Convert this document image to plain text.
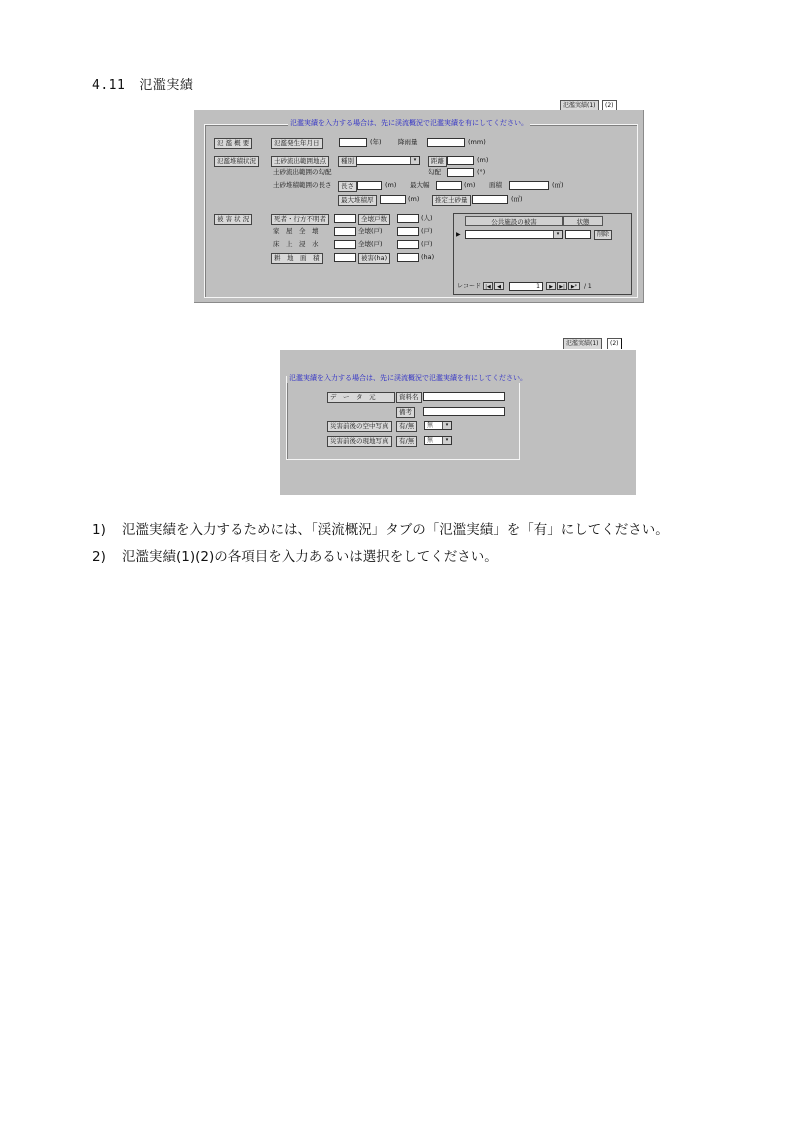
4.11 氾濫実績
氾濫実績(1)	(2)
氾濫実績を入力する場合は、先に渓流概況で氾濫実績を有にしてください。
氾 濫 概 要	氾濫発生年月日	(年)	降雨量	(mm)
氾濫堆積状況	土砂流出範囲地点	種別	▾	距離	(m)
土砂流出範囲の勾配	勾配	(°)
土砂堆積範囲の長さ	長さ	(m) 最大幅	(m) 面積	(㎡)
最大堆積厚	(m)	推定土砂量	(㎥)
被 害 状 況	死者・行方不明者	全壊戸数	(人)
家　屋　全　壊	全壊(戸)	(戸)
床　上　浸　水	全壊(戸)	(戸)
耕　地　面　積	被害(ha)	(ha)
公共施設の被害	状態
▶	▾	削除
レコード |◀	◀	1	▶	▶|	▶*	/ 1
氾濫実績(1)	(2)
氾濫実績を入力する場合は、先に渓流概況で氾濫実績を有にしてください。
デ　ー　タ　元	資料名
備考
災害前後の空中写真	有/無	無	▾
災害前後の現地写真	有/無	無	▾
1) 氾濫実績を入力するためには、「渓流概況」タブの「氾濫実績」を「有」にしてください。
2) 氾濫実績(1)(2)の各項目を入力あるいは選択をしてください。
